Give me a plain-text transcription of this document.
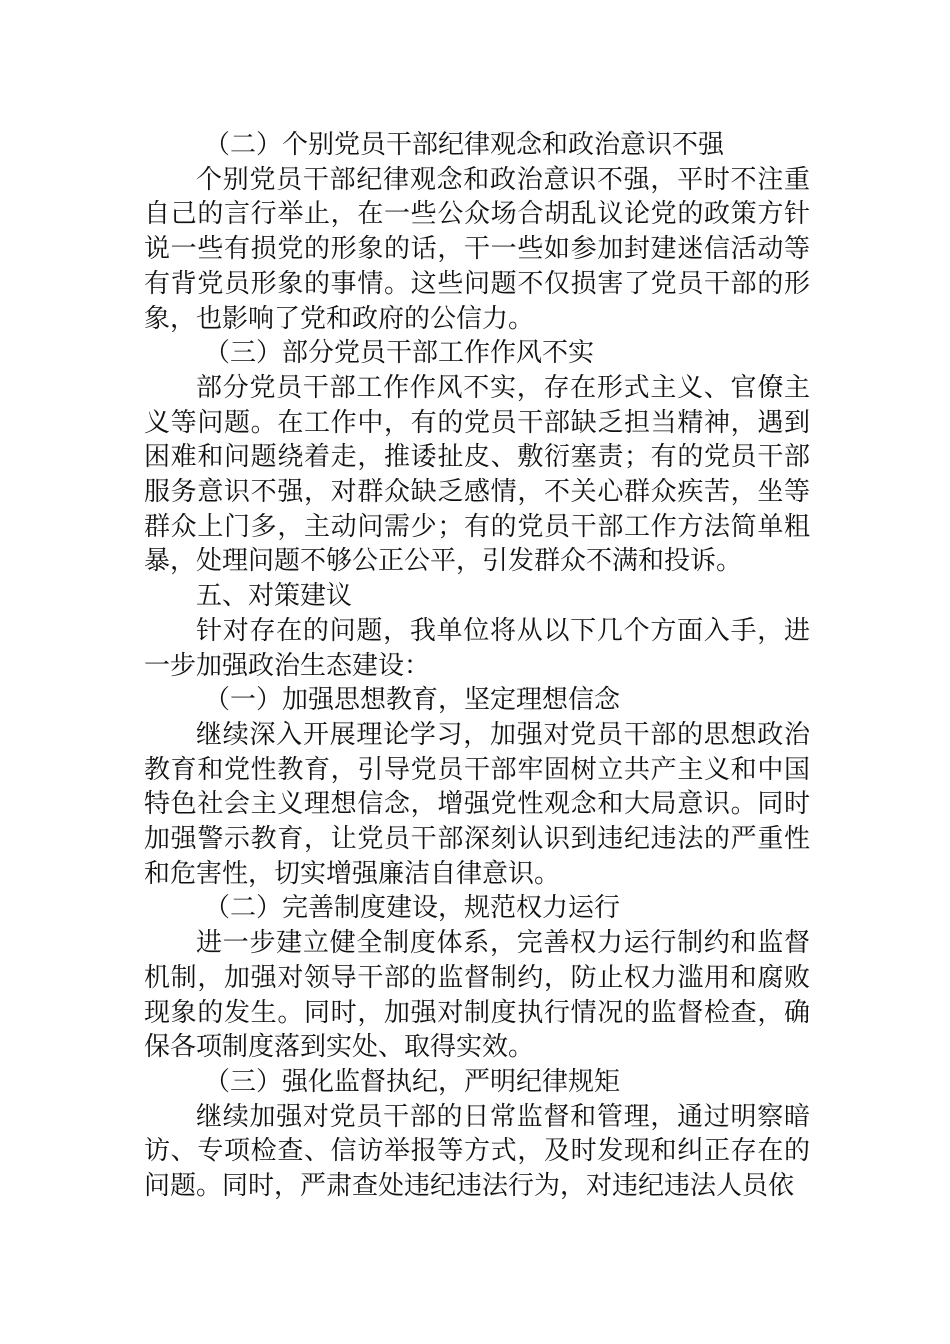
（二）个别党员干部纪律观念和政治意识不强

个别党员干部纪律观念和政治意识不强，平时不注重自己的言行举止，在一些公众场合胡乱议论党的政策方针说一些有损党的形象的话，干一些如参加封建迷信活动等有背党员形象的事情。这些问题不仅损害了党员干部的形象，也影响了党和政府的公信力。

（三）部分党员干部工作作风不实

部分党员干部工作作风不实，存在形式主义、官僚主义等问题。在工作中，有的党员干部缺乏担当精神，遇到困难和问题绕着走，推诿扯皮、敷衍塞责；有的党员干部服务意识不强，对群众缺乏感情，不关心群众疾苦，坐等群众上门多，主动问需少；有的党员干部工作方法简单粗暴，处理问题不够公正公平，引发群众不满和投诉。

五、对策建议

针对存在的问题，我单位将从以下几个方面入手，进一步加强政治生态建设：

（一）加强思想教育，坚定理想信念

继续深入开展理论学习，加强对党员干部的思想政治教育和党性教育，引导党员干部牢固树立共产主义和中国特色社会主义理想信念，增强党性观念和大局意识。同时加强警示教育，让党员干部深刻认识到违纪违法的严重性和危害性，切实增强廉洁自律意识。

（二）完善制度建设，规范权力运行

进一步建立健全制度体系，完善权力运行制约和监督机制，加强对领导干部的监督制约，防止权力滥用和腐败现象的发生。同时，加强对制度执行情况的监督检查，确保各项制度落到实处、取得实效。

（三）强化监督执纪，严明纪律规矩

继续加强对党员干部的日常监督和管理，通过明察暗访、专项检查、信访举报等方式，及时发现和纠正存在的问题。同时，严肃查处违纪违法行为，对违纪违法人员依
